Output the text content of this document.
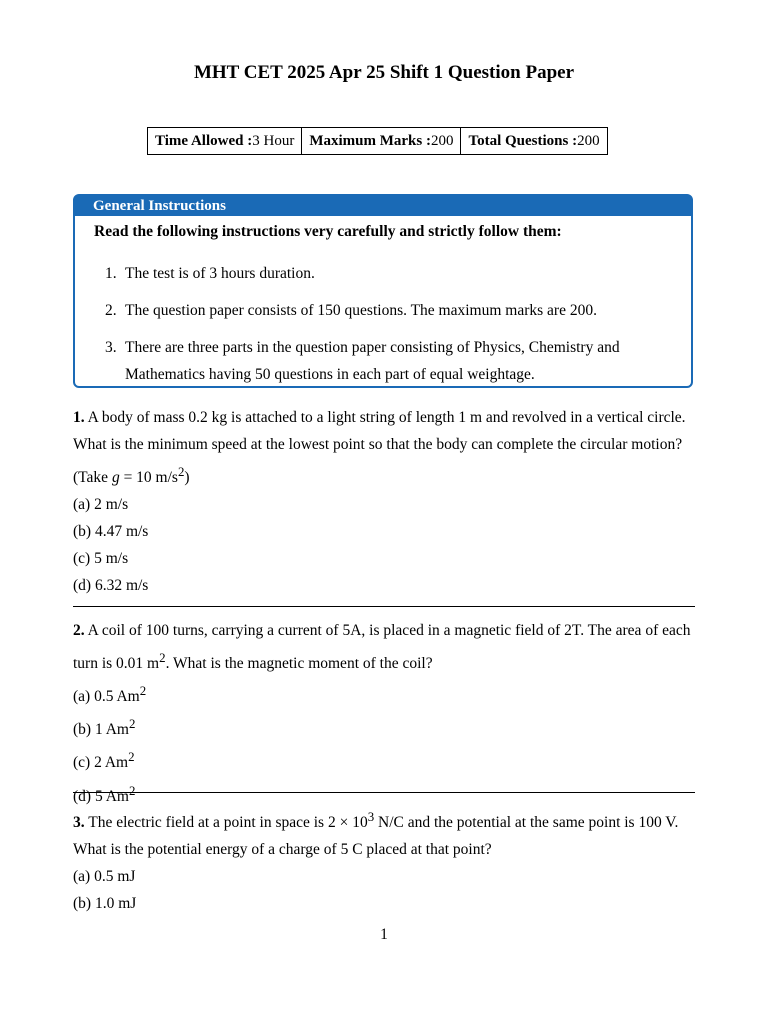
MHT CET 2025 Apr 25 Shift 1 Question Paper
Time Allowed :3 Hour	Maximum Marks :200	Total Questions :200
General Instructions
Read the following instructions very carefully and strictly follow them:
1. The test is of 3 hours duration.
2. The question paper consists of 150 questions. The maximum marks are 200.
3. There are three parts in the question paper consisting of Physics, Chemistry and Mathematics having 50 questions in each part of equal weightage.
1. A body of mass 0.2 kg is attached to a light string of length 1 m and revolved in a vertical circle. What is the minimum speed at the lowest point so that the body can complete the circular motion? (Take g = 10 $m/s^2$)
(a) 2 m/s
(b) 4.47 m/s
(c) 5 m/s
(d) 6.32 m/s
2. A coil of 100 turns, carrying a current of 5A, is placed in a magnetic field of 2T. The area of each turn is 0.01 $m^2$. What is the magnetic moment of the coil?
(a) 0.5 Am$^2$
(b) 1 Am$^2$
(c) 2 Am$^2$
(d) 5 Am$^2$
3. The electric field at a point in space is $2 \times 10^3$ N/C and the potential at the same point is 100 V. What is the potential energy of a charge of 5 C placed at that point?
(a) 0.5 mJ
(b) 1.0 mJ
1
